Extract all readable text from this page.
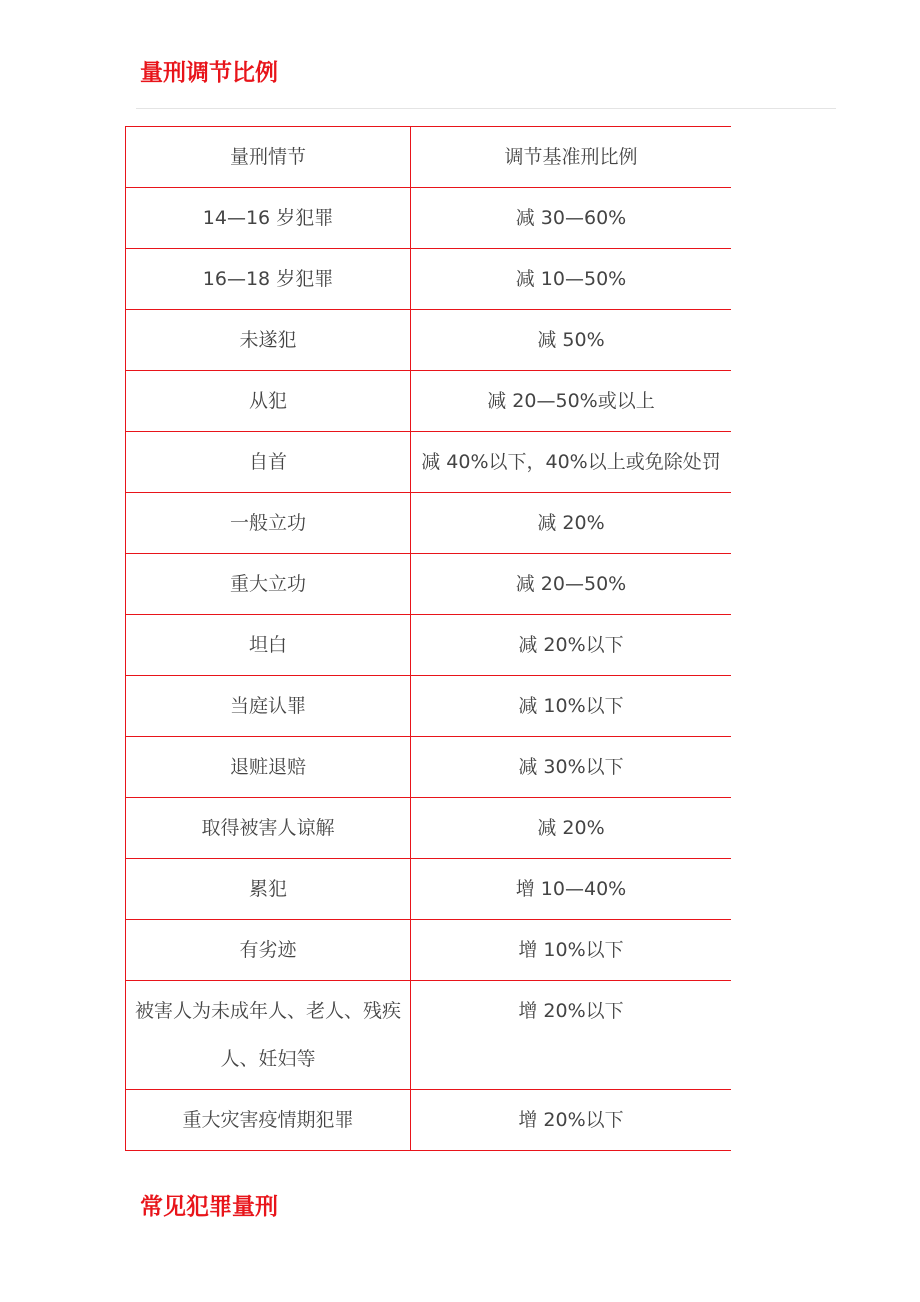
量刑调节比例
量刑情节	调节基准刑比例
14—16 岁犯罪	减 30—60%
16—18 岁犯罪	减 10—50%
未遂犯	减 50%
从犯	减 20—50%或以上
自首	减 40%以下，40%以上或免除处罚
一般立功	减 20%
重大立功	减 20—50%
坦白	减 20%以下
当庭认罪	减 10%以下
退赃退赔	减 30%以下
取得被害人谅解	减 20%
累犯	增 10—40%
有劣迹	增 10%以下
被害人为未成年人、老人、残疾人、妊妇等	增 20%以下
重大灾害疫情期犯罪	增 20%以下
常见犯罪量刑
